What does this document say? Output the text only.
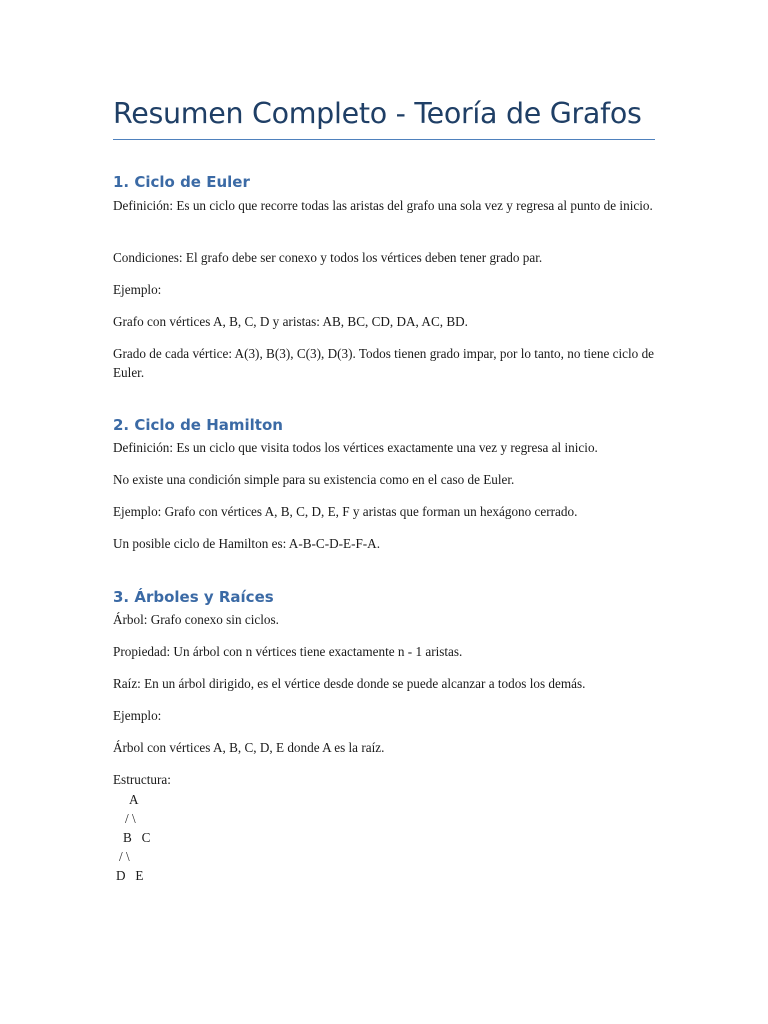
Resumen Completo - Teoría de Grafos
1. Ciclo de Euler

Definición: Es un ciclo que recorre todas las aristas del grafo una sola vez y regresa al punto de inicio.

Condiciones: El grafo debe ser conexo y todos los vértices deben tener grado par.

Ejemplo:

Grafo con vértices A, B, C, D y aristas: AB, BC, CD, DA, AC, BD.

Grado de cada vértice: A(3), B(3), C(3), D(3). Todos tienen grado impar, por lo tanto, no tiene ciclo de Euler.

2. Ciclo de Hamilton

Definición: Es un ciclo que visita todos los vértices exactamente una vez y regresa al inicio.

No existe una condición simple para su existencia como en el caso de Euler.

Ejemplo: Grafo con vértices A, B, C, D, E, F y aristas que forman un hexágono cerrado.

Un posible ciclo de Hamilton es: A-B-C-D-E-F-A.

3. Árboles y Raíces

Árbol: Grafo conexo sin ciclos.

Propiedad: Un árbol con n vértices tiene exactamente n - 1 aristas.

Raíz: En un árbol dirigido, es el vértice desde donde se puede alcanzar a todos los demás.

Ejemplo:

Árbol con vértices A, B, C, D, E donde A es la raíz.

Estructura:

A

/ \

B   C

/ \

D   E
